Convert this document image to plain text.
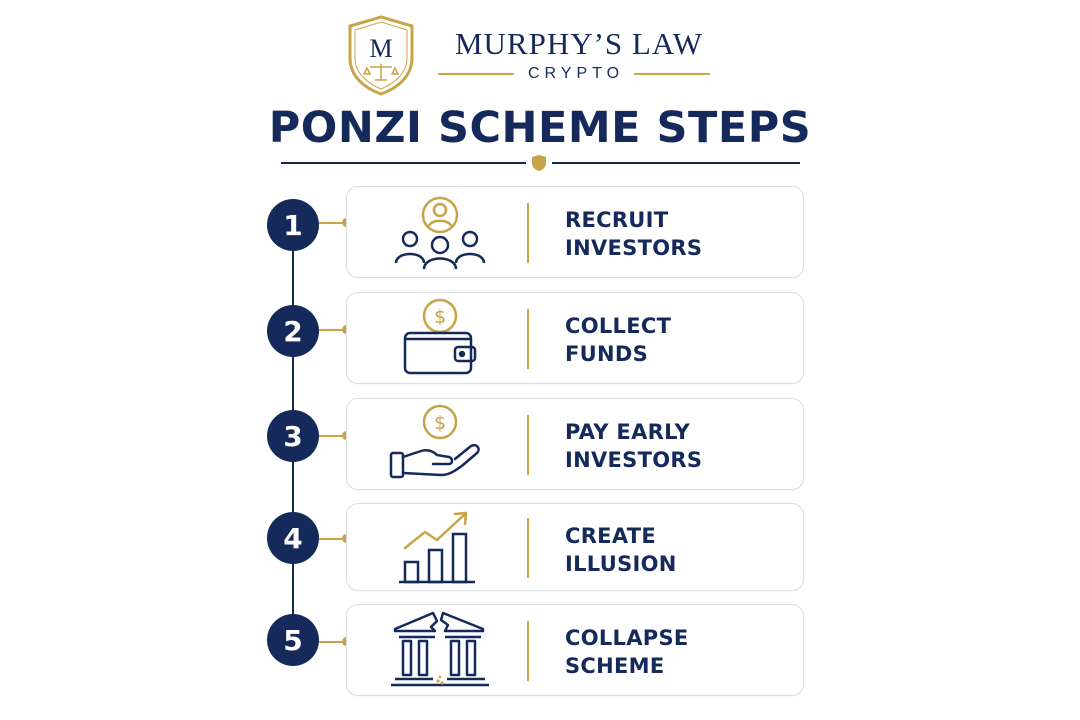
M	MURPHY’S LAW
CRYPTO
PONZI SCHEME STEPS
1	RECRUIT
INVESTORS
2	$	COLLECT
FUNDS
3	$	PAY EARLY
INVESTORS
4	CREATE
ILLUSION
5	COLLAPSE
SCHEME
